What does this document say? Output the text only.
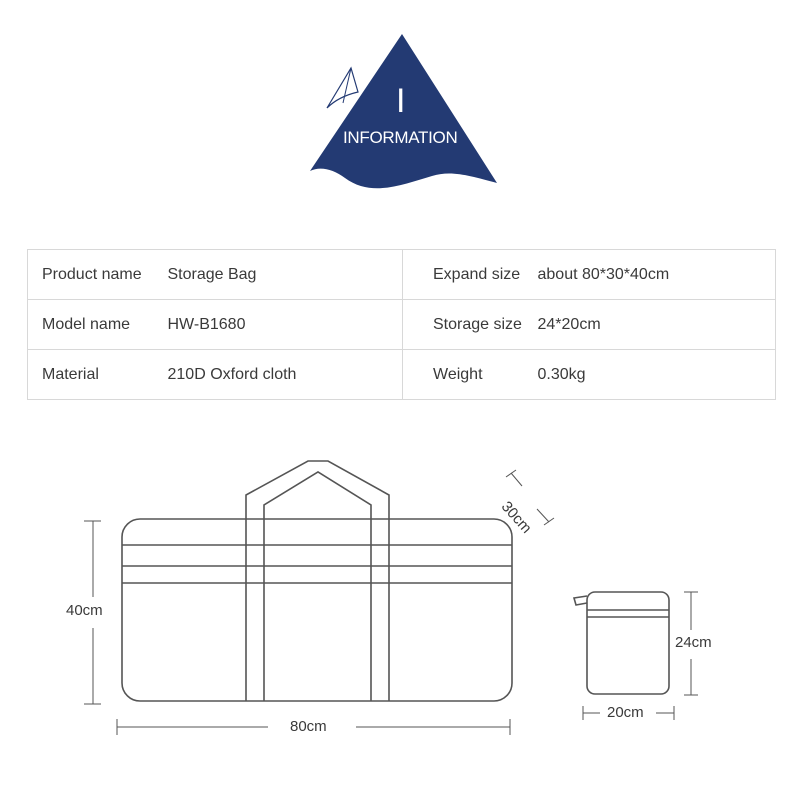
I
INFORMATION
Product name	Storage Bag	Expand size	about 80*30*40cm
Model name	HW-B1680	Storage size	24*20cm
Material	210D Oxford cloth	Weight	0.30kg
40cm
80cm
30cm
24cm
20cm
